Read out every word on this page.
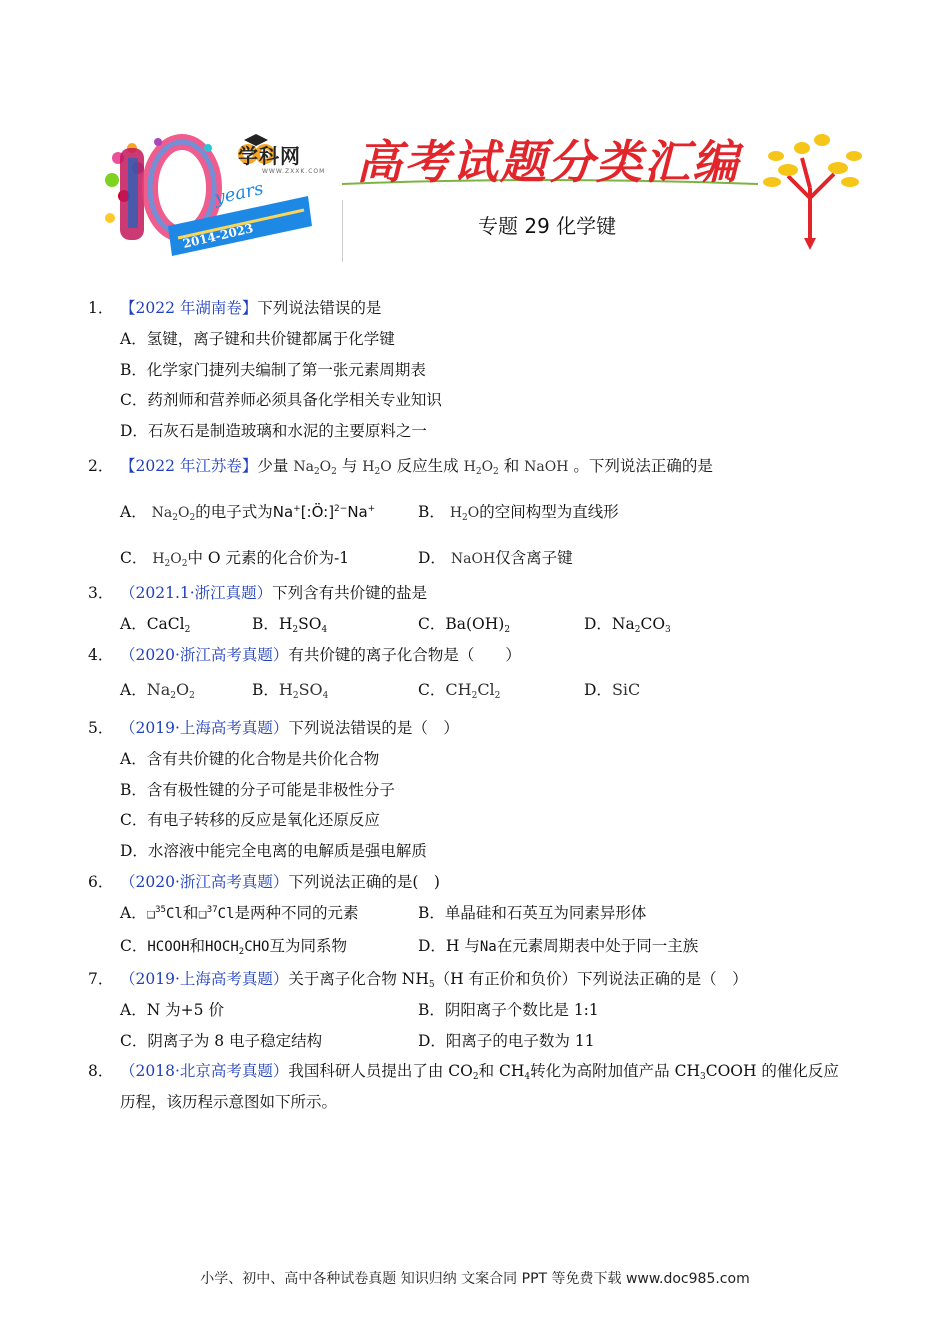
years
2014-2023
学科网
WWW.ZXXK.COM 高考试题分类汇编
专题 29 化学键
1． 【2022 年湖南卷】下列说法错误的是
A．氢键，离子键和共价键都属于化学键
B．化学家门捷列夫编制了第一张元素周期表
C．药剂师和营养师必须具备化学相关专业知识
D．石灰石是制造玻璃和水泥的主要原料之一
2． 【2022 年江苏卷】少量 $Na_2O_2$ 与 $H_2O$ 反应生成 $H_2O_2$ 和 NaOH 。下列说法正确的是
A． $Na_2O_2$的电子式为Na+[:Ö:]$^{2-}$Na+	B． $H_2O$的空间构型为直线形
C． $H_2O_2$中 O 元素的化合价为-1	D． NaOH仅含离子键
3． （2021.1·浙江真题）下列含有共价键的盐是
A．CaCl$_2$	B．$H_2SO_4$	C．$Ba(OH)_2$	D．$Na_2CO_3$
4． （2020·浙江高考真题）有共价键的离子化合物是（　　）
A．$Na_2O_2$	B．$H_2SO_4$	C．$CH_2Cl_2$	D．SiC
5． （2019·上海高考真题）下列说法错误的是（　）
A．含有共价键的化合物是共价化合物
B．含有极性键的分子可能是非极性分子
C．有电子转移的反应是氧化还原反应
D．水溶液中能完全电离的电解质是强电解质
6． （2020·浙江高考真题）下列说法正确的是(　)
A．❑$^{35}$Cl和❑$^{37}$Cl是两种不同的元素	B．单晶硅和石英互为同素异形体
C．HCOOH和$HOCH_2CHO$互为同系物	D．H 与Na在元素周期表中处于同一主族
7． （2019·上海高考真题）关于离子化合物 $NH_5(H$ 有正价和负价）下列说法正确的是（　）
A．N 为+5 价	B．阴阳离子个数比是 1:1
C．阴离子为 8 电子稳定结构	D．阳离子的电子数为 11
8． （2018·北京高考真题）我国科研人员提出了由 $CO_2$和 $CH_4$转化为高附加值产品 $CH_3COOH$ 的催化反应
历程，该历程示意图如下所示。
小学、初中、高中各种试卷真题 知识归纳 文案合同 PPT 等免费下载 www.doc985.com
